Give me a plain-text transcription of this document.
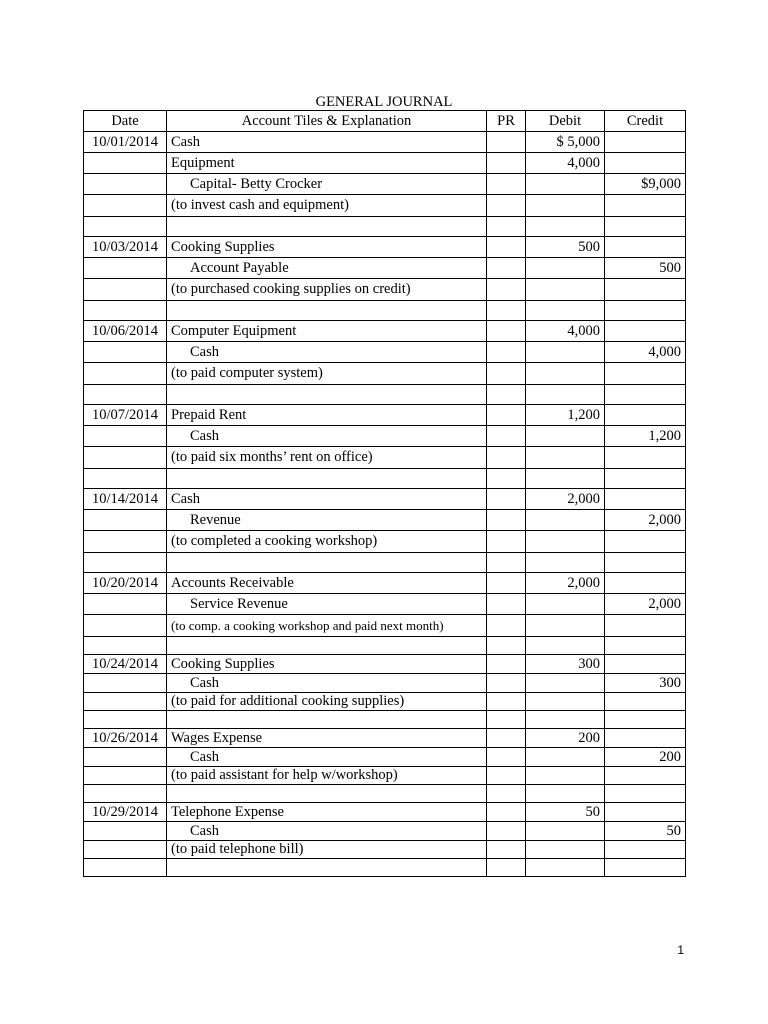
GENERAL JOURNAL
Date	Account Tiles & Explanation	PR	Debit	Credit
10/01/2014	Cash		$ 5,000	
	Equipment		4,000	
	Capital- Betty Crocker			$9,000
	(to invest cash and equipment)			

10/03/2014	Cooking Supplies		500	
	Account Payable			500
	(to purchased cooking supplies on credit)			

10/06/2014	Computer Equipment		4,000	
	Cash			4,000
	(to paid computer system)			

10/07/2014	Prepaid Rent		1,200	
	Cash			1,200
	(to paid six months’ rent on office)			

10/14/2014	Cash		2,000	
	Revenue			2,000
	(to completed a cooking workshop)			

10/20/2014	Accounts Receivable		2,000	
	Service Revenue			2,000
	(to comp. a cooking workshop and paid next month)			

10/24/2014	Cooking Supplies		300	
	Cash			300
	(to paid for additional cooking supplies)			

10/26/2014	Wages Expense		200	
	Cash			200
	(to paid assistant for help w/workshop)			

10/29/2014	Telephone Expense		50	
	Cash			50
	(to paid telephone bill)			

1
